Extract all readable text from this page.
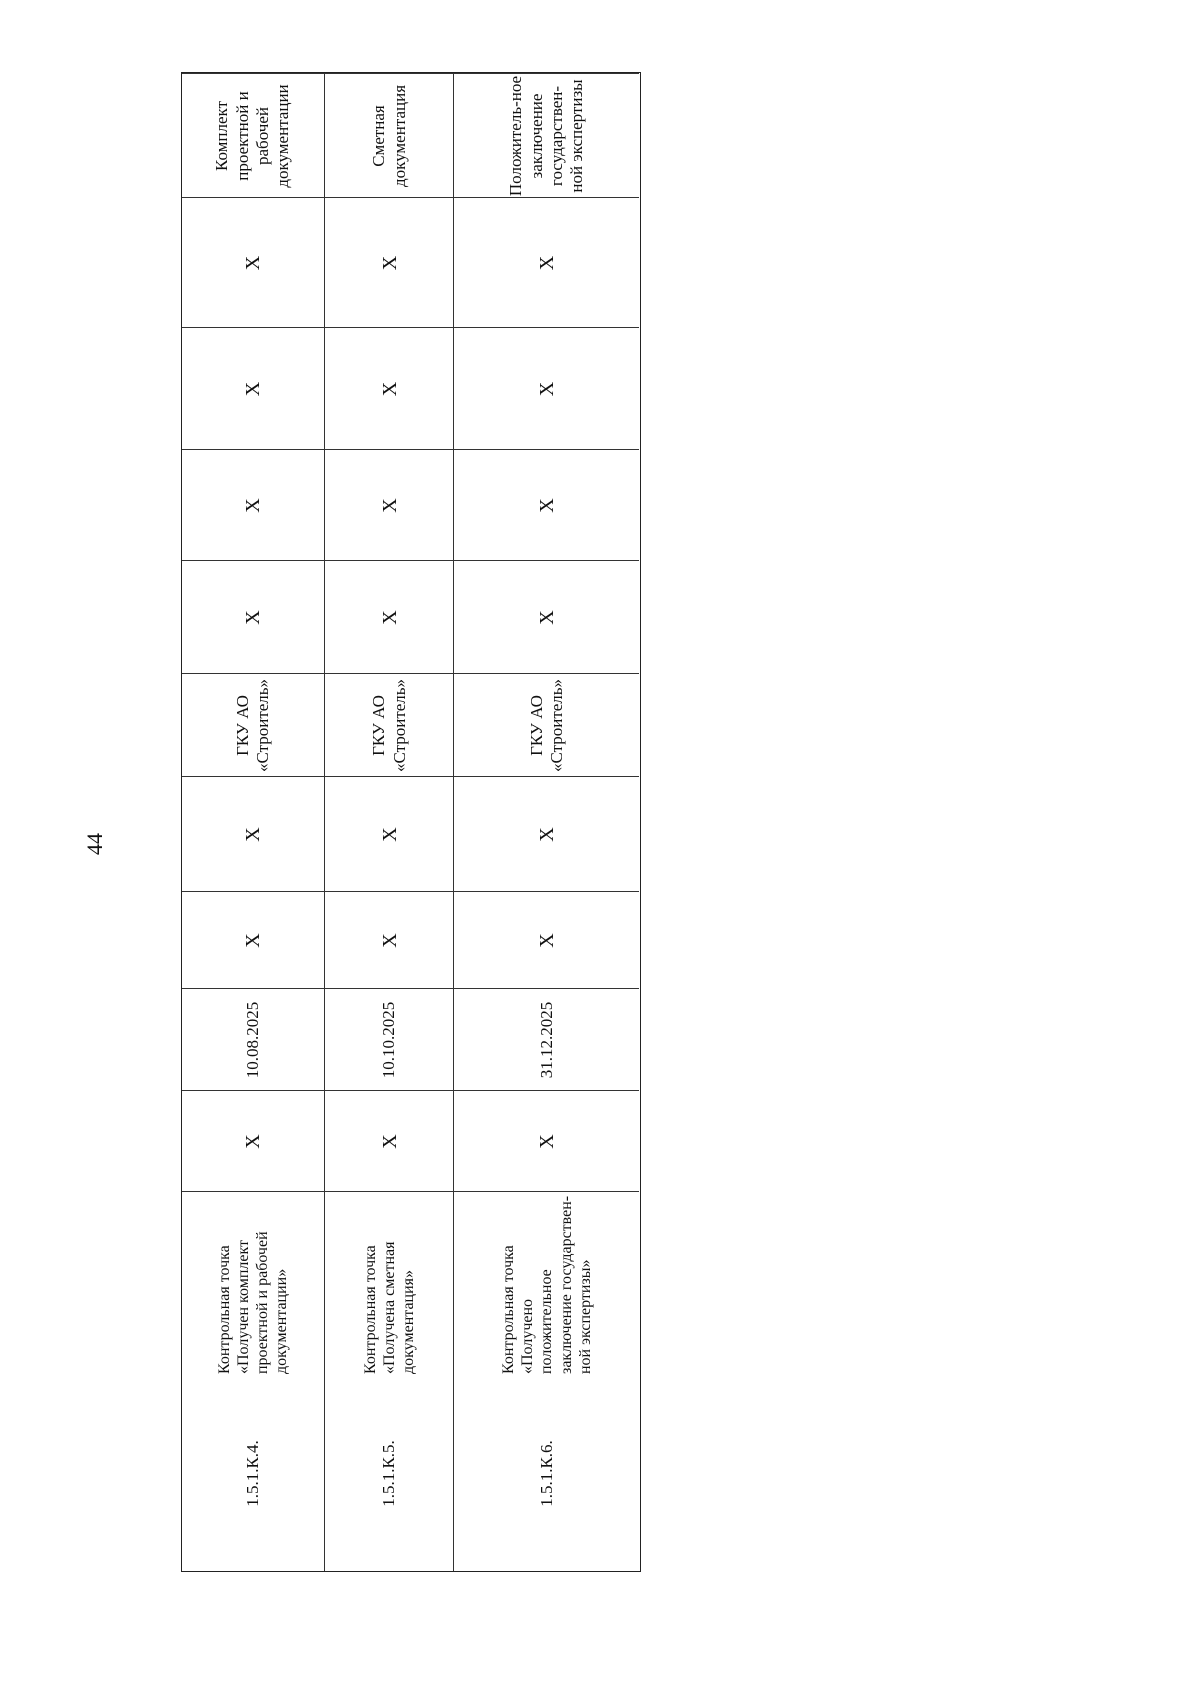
44
1.5.1.К.4.
Контрольная точка «Получен комплект проектной и рабочей документации»
X
10.08.2025
X
X
ГКУ АО «Строитель»
X
X
X
X
Комплект проектной и рабочей документации
1.5.1.К.5.
Контрольная точка «Получена сметная документация»
X
10.10.2025
X
X
ГКУ АО «Строитель»
X
X
X
X
Сметная документация
1.5.1.К.6.
Контрольная точка «Получено положительное заключение государствен-ной экспертизы»
X
31.12.2025
X
X
ГКУ АО «Строитель»
X
X
X
X
Положитель-ное заключение государствен-ной экспертизы
